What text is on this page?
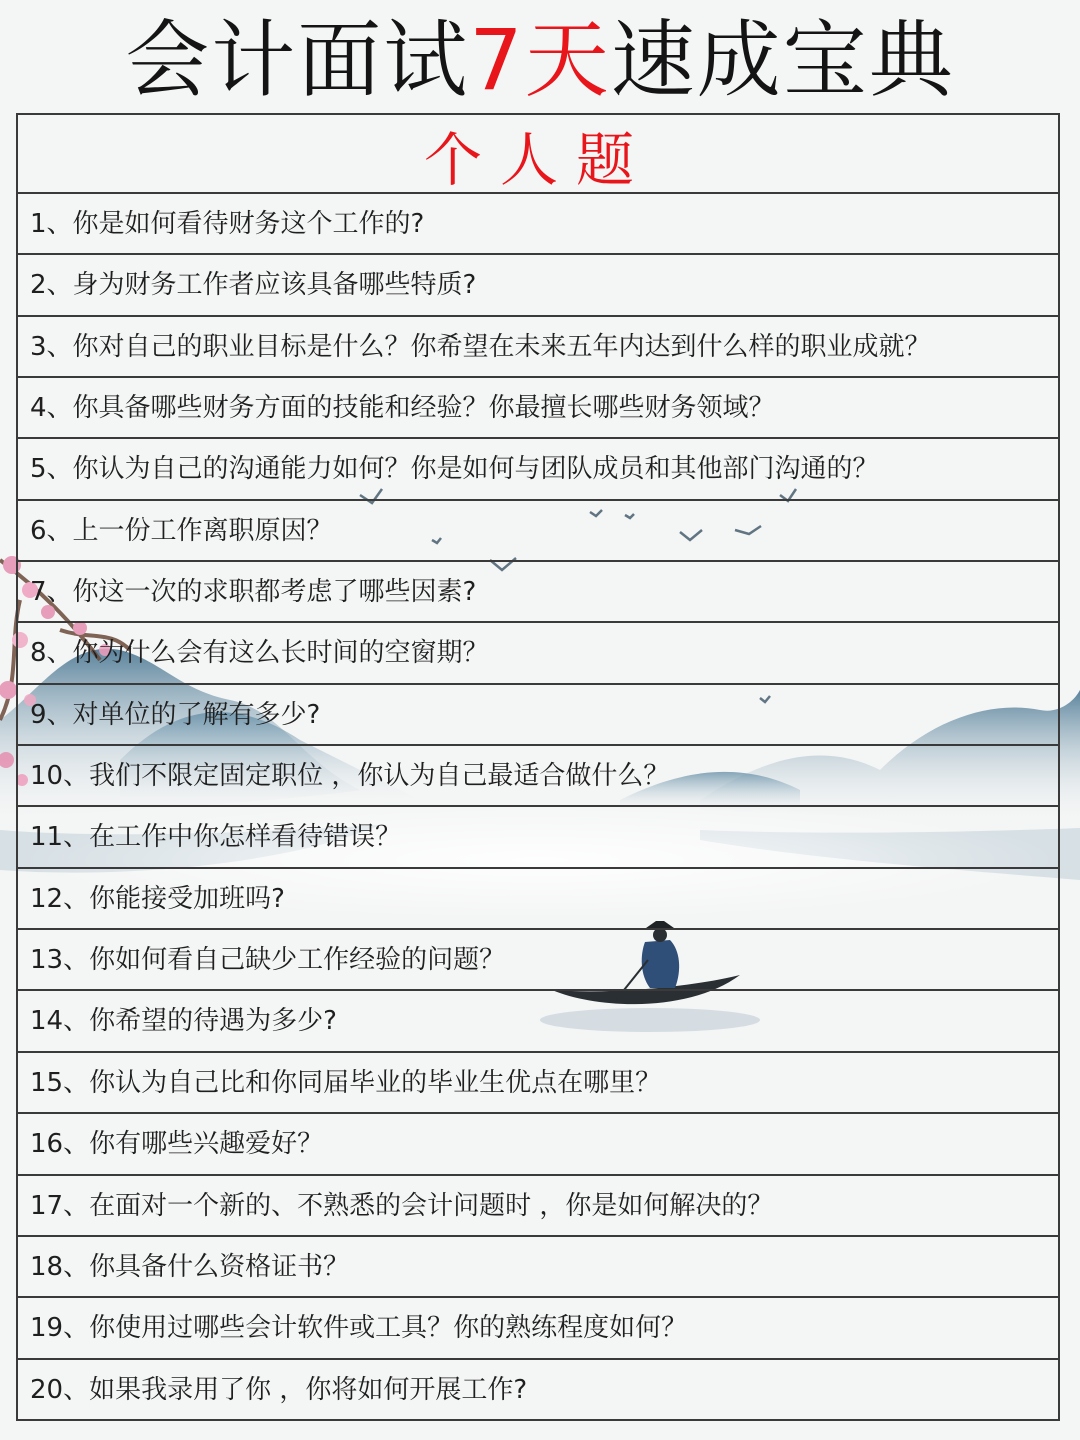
会计面试7天速成宝典
个人题
1、你是如何看待财务这个工作的?
2、身为财务工作者应该具备哪些特质?
3、你对自己的职业目标是什么？你希望在未来五年内达到什么样的职业成就？
4、你具备哪些财务方面的技能和经验？你最擅长哪些财务领域？
5、你认为自己的沟通能力如何？你是如何与团队成员和其他部门沟通的？
6、上一份工作离职原因？
7、你这一次的求职都考虑了哪些因素?
8、你为什么会有这么长时间的空窗期？
9、对单位的了解有多少?
10、我们不限定固定职位 ，你认为自己最适合做什么？
11、在工作中你怎样看待错误？
12、你能接受加班吗?
13、你如何看自己缺少工作经验的问题？
14、你希望的待遇为多少?
15、你认为自己比和你同届毕业的毕业生优点在哪里？
16、你有哪些兴趣爱好？
17、在面对一个新的、不熟悉的会计问题时 ，你是如何解决的？
18、你具备什么资格证书？
19、你使用过哪些会计软件或工具？你的熟练程度如何？
20、如果我录用了你 ，你将如何开展工作?
